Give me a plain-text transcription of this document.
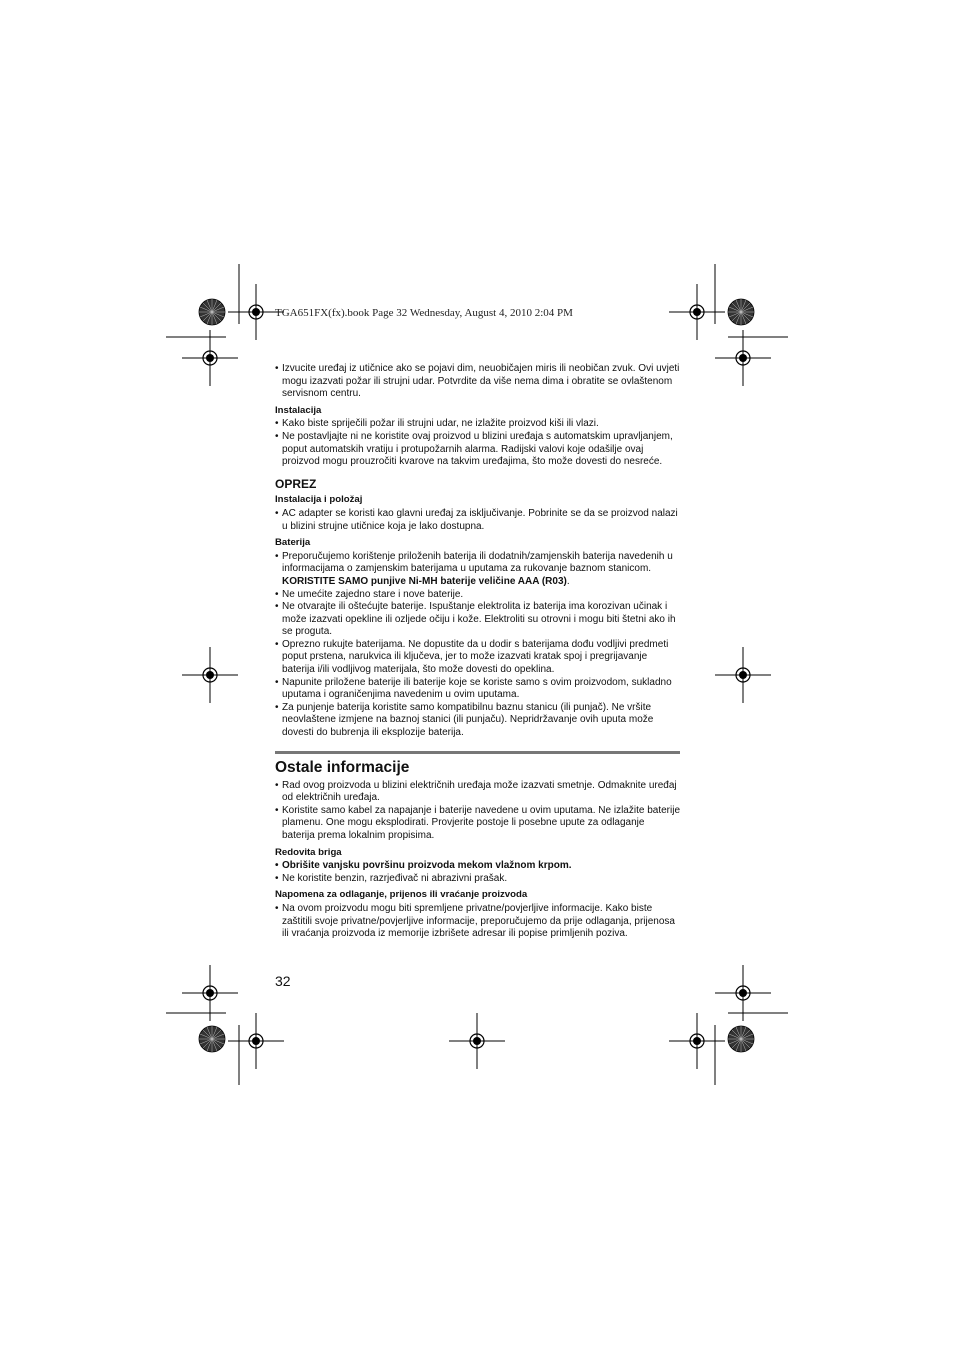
TGA651FX(fx).book Page 32 Wednesday, August 4, 2010 2:04 PM

• Izvucite uređaj iz utičnice ako se pojavi dim, neuobičajen miris ili neobičan zvuk. Ovi uvjeti mogu izazvati požar ili strujni udar. Potvrdite da više nema dima i obratite se ovlaštenom servisnom centru.

Instalacija

• Kako biste spriječili požar ili strujni udar, ne izlažite proizvod kiši ili vlazi.

• Ne postavljajte ni ne koristite ovaj proizvod u blizini uređaja s automatskim upravljanjem, poput automatskih vratiju i protupožarnih alarma. Radijski valovi koje odašilje ovaj proizvod mogu prouzročiti kvarove na takvim uređajima, što može dovesti do nesreće.

OPREZ
Instalacija i položaj

• AC adapter se koristi kao glavni uređaj za isključivanje. Pobrinite se da se proizvod nalazi u blizini strujne utičnice koja je lako dostupna.

Baterija

• Preporučujemo korištenje priloženih baterija ili dodatnih/zamjenskih baterija navedenih u informacijama o zamjenskim baterijama u uputama za rukovanje baznom stanicom.
KORISTITE SAMO punjive Ni-MH baterije veličine AAA (R03).

• Ne umećite zajedno stare i nove baterije.

• Ne otvarajte ili oštećujte baterije. Ispuštanje elektrolita iz baterija ima korozivan učinak i može izazvati opekline ili ozljede očiju i kože. Elektroliti su otrovni i mogu biti štetni ako ih se proguta.

• Oprezno rukujte baterijama. Ne dopustite da u dodir s baterijama dođu vodljivi predmeti poput prstena, narukvica ili ključeva, jer to može izazvati kratak spoj i pregrijavanje baterija i/ili vodljivog materijala, što može dovesti do opeklina.

• Napunite priložene baterije ili baterije koje se koriste samo s ovim proizvodom, sukladno uputama i ograničenjima navedenim u ovim uputama.

• Za punjenje baterija koristite samo kompatibilnu baznu stanicu (ili punjač). Ne vršite neovlaštene izmjene na baznoj stanici (ili punjaču). Nepridržavanje ovih uputa može dovesti do bubrenja ili eksplozije baterija.

Ostale informacije

• Rad ovog proizvoda u blizini električnih uređaja može izazvati smetnje. Odmaknite uređaj od električnih uređaja.

• Koristite samo kabel za napajanje i baterije navedene u ovim uputama. Ne izlažite baterije plamenu. One mogu eksplodirati. Provjerite postoje li posebne upute za odlaganje baterija prema lokalnim propisima.

Redovita briga

• Obrišite vanjsku površinu proizvoda mekom vlažnom krpom.

• Ne koristite benzin, razrjeđivač ni abrazivni prašak.

Napomena za odlaganje, prijenos ili vraćanje proizvoda

• Na ovom proizvodu mogu biti spremljene privatne/povjerljive informacije. Kako biste zaštitili svoje privatne/povjerljive informacije, preporučujemo da prije odlaganja, prijenosa ili vraćanja proizvoda iz memorije izbrišete adresar ili popise primljenih poziva.

32
